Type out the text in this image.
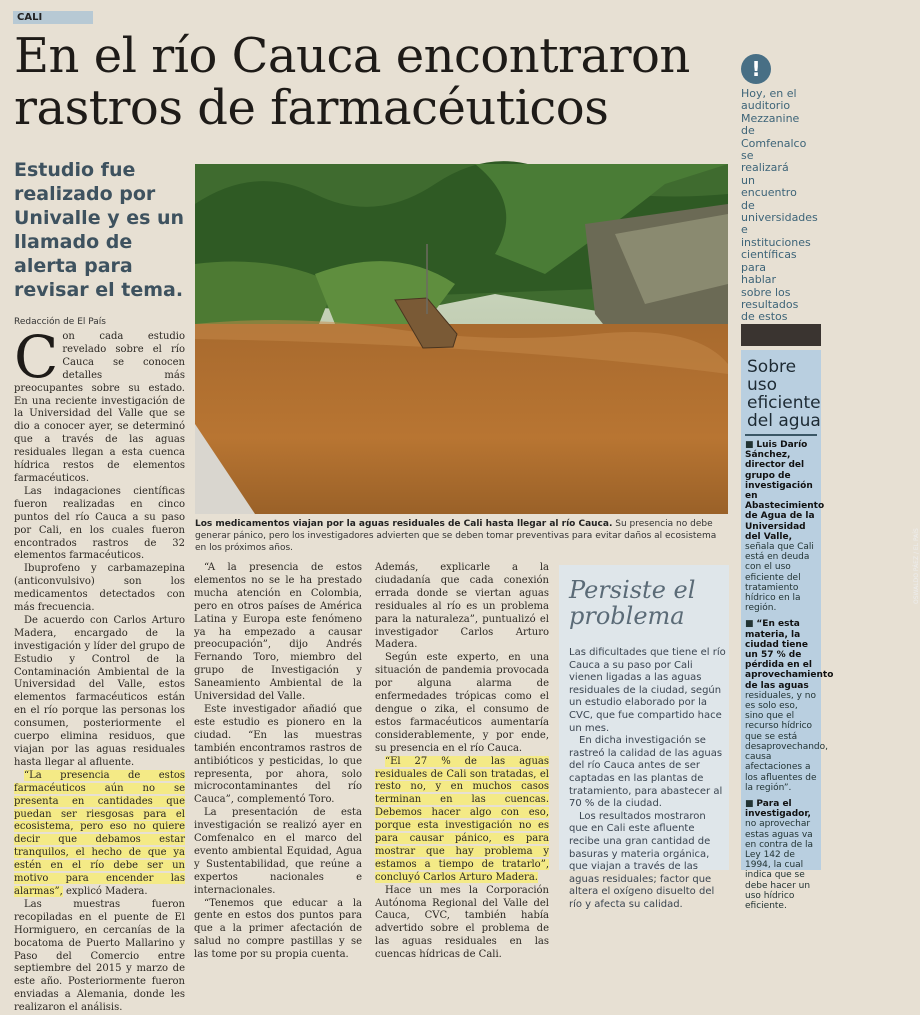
CALI
En el río Cauca encontraron rastros de farmacéuticos
Estudio fue realizado por Univalle y es un llamado de alerta para revisar el tema.
Redacción de El País

Con cada estudio revelado sobre el río Cauca se conocen detalles más preocupantes sobre su estado. En una reciente investigación de la Universidad del Valle que se dio a conocer ayer, se determinó que a través de las aguas residuales llegan a esta cuenca hídrica restos de elementos farmacéuticos.

Las indagaciones científicas fueron realizadas en cinco puntos del río Cauca a su paso por Cali, en los cuales fueron encontrados rastros de 32 elementos farmacéuticos.

Ibuprofeno y carbamazepina (anticonvulsivo) son los medicamentos detectados con más frecuencia.

De acuerdo con Carlos Arturo Madera, encargado de la investigación y líder del grupo de Estudio y Control de la Contaminación Ambiental de la Universidad del Valle, estos elementos farmacéuticos están en el río porque las personas los consumen, posteriormente el cuerpo elimina residuos, que viajan por las aguas residuales hasta llegar al afluente.

“La presencia de estos farmacéuticos aún no se presenta en cantidades que puedan ser riesgosas para el ecosistema, pero eso no quiere decir que debamos estar tranquilos, el hecho de que ya estén en el río debe ser un motivo para encender las alarmas”, explicó Madera.

Las muestras fueron recopiladas en el puente de El Hormiguero, en cercanías de la bocatoma de Puerto Mallarino y Paso del Comercio entre septiembre del 2015 y marzo de este año. Posteriormente fueron enviadas a Alemania, donde les realizaron el análisis.

OSWALDO PÁEZ / EL PAÍS
Los medicamentos viajan por la aguas residuales de Cali hasta llegar al río Cauca. Su presencia no debe generar pánico, pero los investigadores advierten que se deben tomar preventivas para evitar daños al ecosistema en los próximos años.

“A la presencia de estos elementos no se le ha prestado mucha atención en Colombia, pero en otros países de América Latina y Europa este fenómeno ya ha empezado a causar preocupación”, dijo Andrés Fernando Toro, miembro del grupo de Investigación y Saneamiento Ambiental de la Universidad del Valle.

Este investigador añadió que este estudio es pionero en la ciudad. “En las muestras también encontramos rastros de antibióticos y pesticidas, lo que representa, por ahora, solo microcontaminantes del río Cauca”, complementó Toro.

La presentación de esta investigación se realizó ayer en Comfenalco en el marco del evento ambiental Equidad, Agua y Sustentabilidad, que reúne a expertos nacionales e internacionales.

“Tenemos que educar a la gente en estos dos puntos para que a la primer afectación de salud no compre pastillas y se las tome por su propia cuenta.

Además, explicarle a la ciudadanía que cada conexión errada donde se viertan aguas residuales al río es un problema para la naturaleza”, puntualizó el investigador Carlos Arturo Madera.

Según este experto, en una situación de pandemia provocada por alguna alarma de enfermedades trópicas como el dengue o zika, el consumo de estos farmacéuticos aumentaría considerablemente, y por ende, su presencia en el río Cauca.

“El 27 % de las aguas residuales de Cali son tratadas, el resto no, y en muchos casos terminan en las cuencas. Debemos hacer algo con eso, porque esta investigación no es para causar pánico, es para mostrar que hay problema y estamos a tiempo de tratarlo”, concluyó Carlos Arturo Madera.

Hace un mes la Corporación Autónoma Regional del Valle del Cauca, CVC, también había advertido sobre el problema de las aguas residuales en las cuencas hídricas de Cali.

Persiste el problema

Las dificultades que tiene el río Cauca a su paso por Cali vienen ligadas a las aguas residuales de la ciudad, según un estudio elaborado por la CVC, que fue compartido hace un mes.

En dicha investigación se rastreó la calidad de las aguas del río Cauca antes de ser captadas en las plantas de tratamiento, para abastecer al 70 % de la ciudad.

Los resultados mostraron que en Cali este afluente recibe una gran cantidad de basuras y materia orgánica, que viajan a través de las aguas residuales; factor que altera el oxígeno disuelto del río y afecta su calidad.

!
Hoy, en el auditorio Mezzanine de Comfenalco se realizará un encuentro de universidades e instituciones científicas para hablar sobre los resultados de estos
Sobre uso eficiente del agua
■ Luis Darío Sánchez, director del grupo de investigación en Abastecimiento de Agua de la Universidad del Valle, señala que Cali está en deuda con el uso eficiente del tratamiento hídrico en la región.
■ “En esta materia, la ciudad tiene un 57 % de pérdida en el aprovechamiento de las aguas residuales, y no es solo eso, sino que el recurso hídrico que se está desaprovechando, causa afectaciones a los afluentes de la región”.
■ Para el investigador, no aprovechar estas aguas va en contra de la Ley 142 de 1994, la cual indica que se debe hacer un uso hídrico eficiente.
